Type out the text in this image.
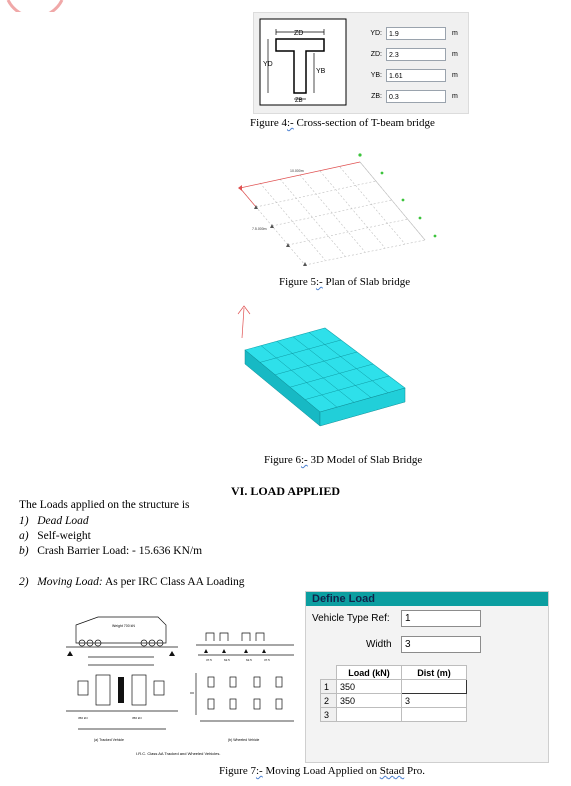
ZD
YD
YB
ZB
YD:	1.9	m
ZD:	2.3	m
YB:	1.61	m
ZB:	0.3	m
Figure 4:- Cross-section of T-beam bridge
10.000m
7.5.000m
Figure 5:- Plan of Slab bridge
Figure 6:- 3D Model of Slab Bridge
VI. LOAD APPLIED
The Loads applied on the structure is
1) Dead Load
a) Self-weight
b) Crash Barrier Load: - 15.636 KN/m
2) Moving Load: As per IRC Class AA Loading
Weight 700 kN
350 kN	350 kN
37.5	62.5	62.5	37.5
(a) Tracked Vehicle	(b) Wheeled Vehicle
I.R.C. Class AA Tracked and Wheeled Vehicles.
Define Load
Vehicle Type Ref:	1
Width	3
	Load (kN)	Dist (m)
1	350	
2	350	3
3		
Figure 7:- Moving Load Applied on Staad Pro.
